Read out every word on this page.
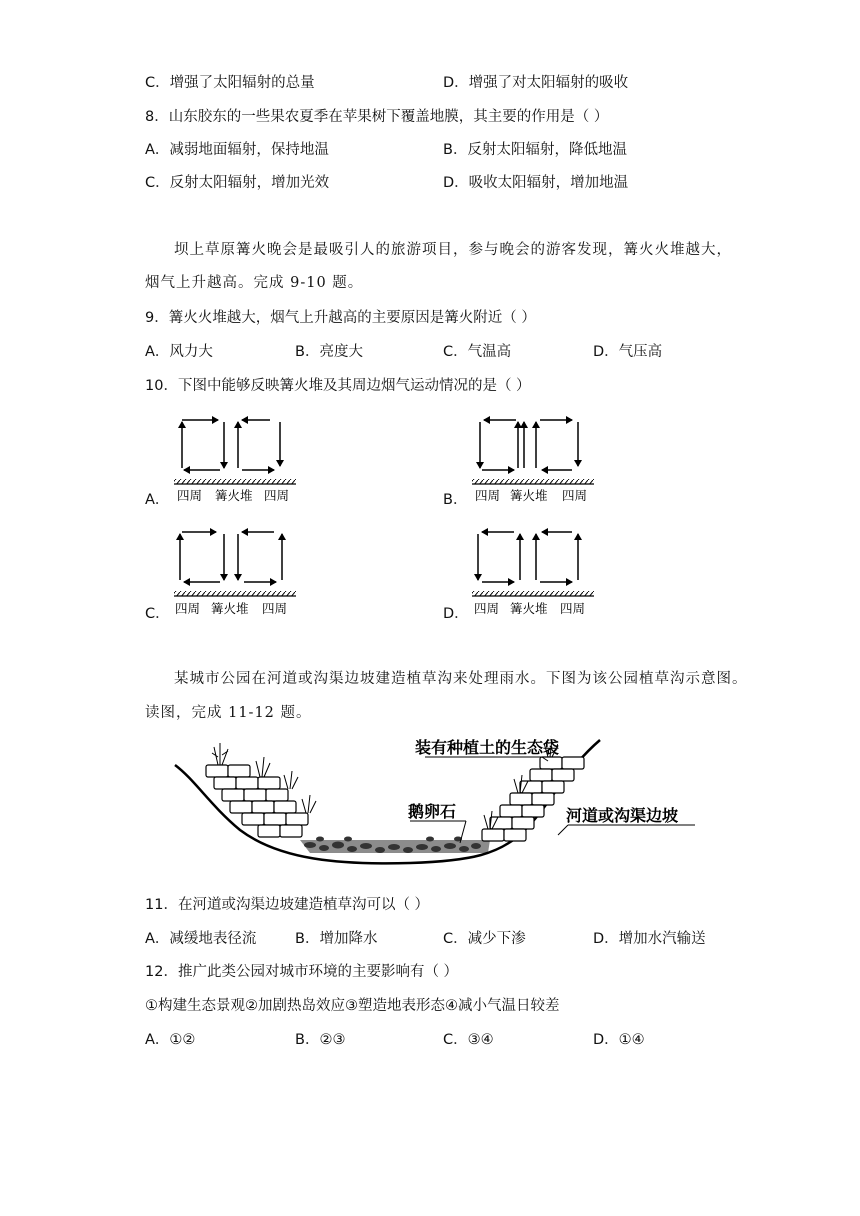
C．增强了太阳辐射的总量	D．增强了对太阳辐射的吸收
8．山东胶东的一些果农夏季在苹果树下覆盖地膜，其主要的作用是（ ）
A．减弱地面辐射，保持地温	B．反射太阳辐射，降低地温
C．反射太阳辐射，增加光效	D．吸收太阳辐射，增加地温
坝上草原篝火晚会是最吸引人的旅游项目，参与晚会的游客发现，篝火火堆越大，
烟气上升越高。完成 9-10 题。
9．篝火火堆越大，烟气上升越高的主要原因是篝火附近（ ）
A．风力大	B．亮度大	C．气温高	D．气压高
10．下图中能够反映篝火堆及其周边烟气运动情况的是（ ）
A． 四周 篝火堆 四周	B． 四周 篝火堆 四周
C． 四周 篝火堆 四周	D． 四周 篝火堆 四周
某城市公园在河道或沟渠边坡建造植草沟来处理雨水。下图为该公园植草沟示意图。
读图，完成 11-12 题。
装有种植土的生态袋
鹅卵石	河道或沟渠边坡
11．在河道或沟渠边坡建造植草沟可以（ ）
A．减缓地表径流	B．增加降水	C．减少下渗	D．增加水汽输送
12．推广此类公园对城市环境的主要影响有（ ）
①构建生态景观②加剧热岛效应③塑造地表形态④减小气温日较差
A．①②	B．②③	C．③④	D．①④
